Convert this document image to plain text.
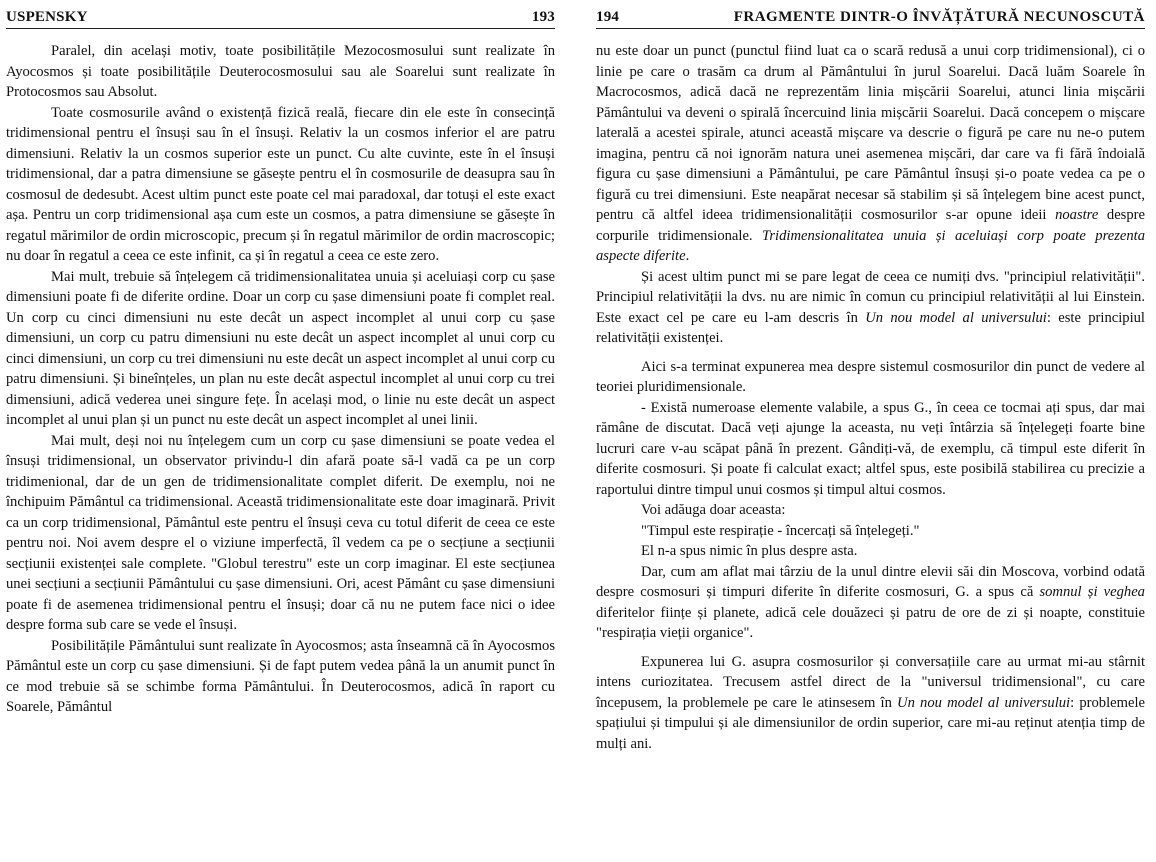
USPENSKY	193

Paralel, din același motiv, toate posibilitățile Mezocosmosului sunt realizate în Ayocosmos și toate posibilitățile Deuterocosmosului sau ale Soarelui sunt realizate în Protocosmos sau Absolut.

Toate cosmosurile având o existență fizică reală, fiecare din ele este în consecință tridimensional pentru el însuși sau în el însuși. Relativ la un cosmos inferior el are patru dimensiuni. Relativ la un cosmos superior este un punct. Cu alte cuvinte, este în el însuși tridimensional, dar a patra dimensiune se găsește pentru el în cosmosurile de deasupra sau în cosmosul de dedesubt. Acest ultim punct este poate cel mai paradoxal, dar totuși el este exact așa. Pentru un corp tridimensional așa cum este un cosmos, a patra dimensiune se găsește în regatul mărimilor de ordin microscopic, precum și în regatul mărimilor de ordin macroscopic; nu doar în regatul a ceea ce este infinit, ca și în regatul a ceea ce este zero.

Mai mult, trebuie să înțelegem că tridimensionalitatea unuia și aceluiași corp cu șase dimensiuni poate fi de diferite ordine. Doar un corp cu șase dimensiuni poate fi complet real. Un corp cu cinci dimensiuni nu este decât un aspect incomplet al unui corp cu șase dimensiuni, un corp cu patru dimensiuni nu este decât un aspect incomplet al unui corp cu cinci dimensiuni, un corp cu trei dimensiuni nu este decât un aspect incomplet al unui corp cu patru dimensiuni. Și bineînțeles, un plan nu este decât aspectul incomplet al unui corp cu trei dimensiuni, adică vederea unei singure fețe. În același mod, o linie nu este decât un aspect incomplet al unui plan și un punct nu este decât un aspect incomplet al unei linii.

Mai mult, deși noi nu înțelegem cum un corp cu șase dimensiuni se poate vedea el însuși tridimensional, un observator privindu-l din afară poate să-l vadă ca pe un corp tridimenional, dar de un gen de tridimensionalitate complet diferit. De exemplu, noi ne închipuim Pământul ca tridimensional. Această tridimensionalitate este doar imaginară. Privit ca un corp tridimensional, Pământul este pentru el însuși ceva cu totul diferit de ceea ce este pentru noi. Noi avem despre el o viziune imperfectă, îl vedem ca pe o secțiune a secțiunii secțiunii existenței sale complete. "Globul terestru" este un corp imaginar. El este secțiunea unei secțiuni a secțiunii Pământului cu șase dimensiuni. Ori, acest Pământ cu șase dimensiuni poate fi de asemenea tridimensional pentru el însuși; doar că nu ne putem face nici o idee despre forma sub care se vede el însuși.

Posibilitățile Pământului sunt realizate în Ayocosmos; asta înseamnă că în Ayocosmos Pământul este un corp cu șase dimensiuni. Și de fapt putem vedea până la un anumit punct în ce mod trebuie să se schimbe forma Pământului. În Deuterocosmos, adică în raport cu Soarele, Pământul

194	FRAGMENTE DINTR-O ÎNVĂȚĂTURĂ NECUNOSCUTĂ

nu este doar un punct (punctul fiind luat ca o scară redusă a unui corp tridimensional), ci o linie pe care o trasăm ca drum al Pământului în jurul Soarelui. Dacă luăm Soarele în Macrocosmos, adică dacă ne reprezentăm linia mișcării Soarelui, atunci linia mișcării Pământului va deveni o spirală încercuind linia mișcării Soarelui. Dacă concepem o mișcare laterală a acestei spirale, atunci această mișcare va descrie o figură pe care nu ne-o putem imagina, pentru că noi ignorăm natura unei asemenea mișcări, dar care va fi fără îndoială figura cu șase dimensiuni a Pământului, pe care Pământul însuși și-o poate vedea ca pe o figură cu trei dimensiuni. Este neapărat necesar să stabilim și să înțelegem bine acest punct, pentru că altfel ideea tridimensionalității cosmosurilor s-ar opune ideii noastre despre corpurile tridimensionale. Tridimensionalitatea unuia și aceluiași corp poate prezenta aspecte diferite.

Și acest ultim punct mi se pare legat de ceea ce numiți dvs. "principiul relativității". Principiul relativității la dvs. nu are nimic în comun cu principiul relativității al lui Einstein. Este exact cel pe care eu l-am descris în Un nou model al universului: este principiul relativității existenței.

Aici s-a terminat expunerea mea despre sistemul cosmosurilor din punct de vedere al teoriei pluridimensionale.

- Există numeroase elemente valabile, a spus G., în ceea ce tocmai ați spus, dar mai rămâne de discutat. Dacă veți ajunge la aceasta, nu veți întârzia să înțelegeți foarte bine lucruri care v-au scăpat până în prezent. Gândiți-vă, de exemplu, că timpul este diferit în diferite cosmosuri. Și poate fi calculat exact; altfel spus, este posibilă stabilirea cu precizie a raportului dintre timpul unui cosmos și timpul altui cosmos.

Voi adăuga doar aceasta:

"Timpul este respirație - încercați să înțelegeți."

El n-a spus nimic în plus despre asta.

Dar, cum am aflat mai târziu de la unul dintre elevii săi din Moscova, vorbind odată despre cosmosuri și timpuri diferite în diferite cosmosuri, G. a spus că somnul și veghea diferitelor ființe și planete, adică cele douăzeci și patru de ore de zi și noapte, constituie "respirația vieții organice".

Expunerea lui G. asupra cosmosurilor și conversațiile care au urmat mi-au stârnit intens curiozitatea. Trecusem astfel direct de la "universul tridimensional", cu care începusem, la problemele pe care le atinsesem în Un nou model al universului: problemele spațiului și timpului și ale dimensiunilor de ordin superior, care mi-au reținut atenția timp de mulți ani.
